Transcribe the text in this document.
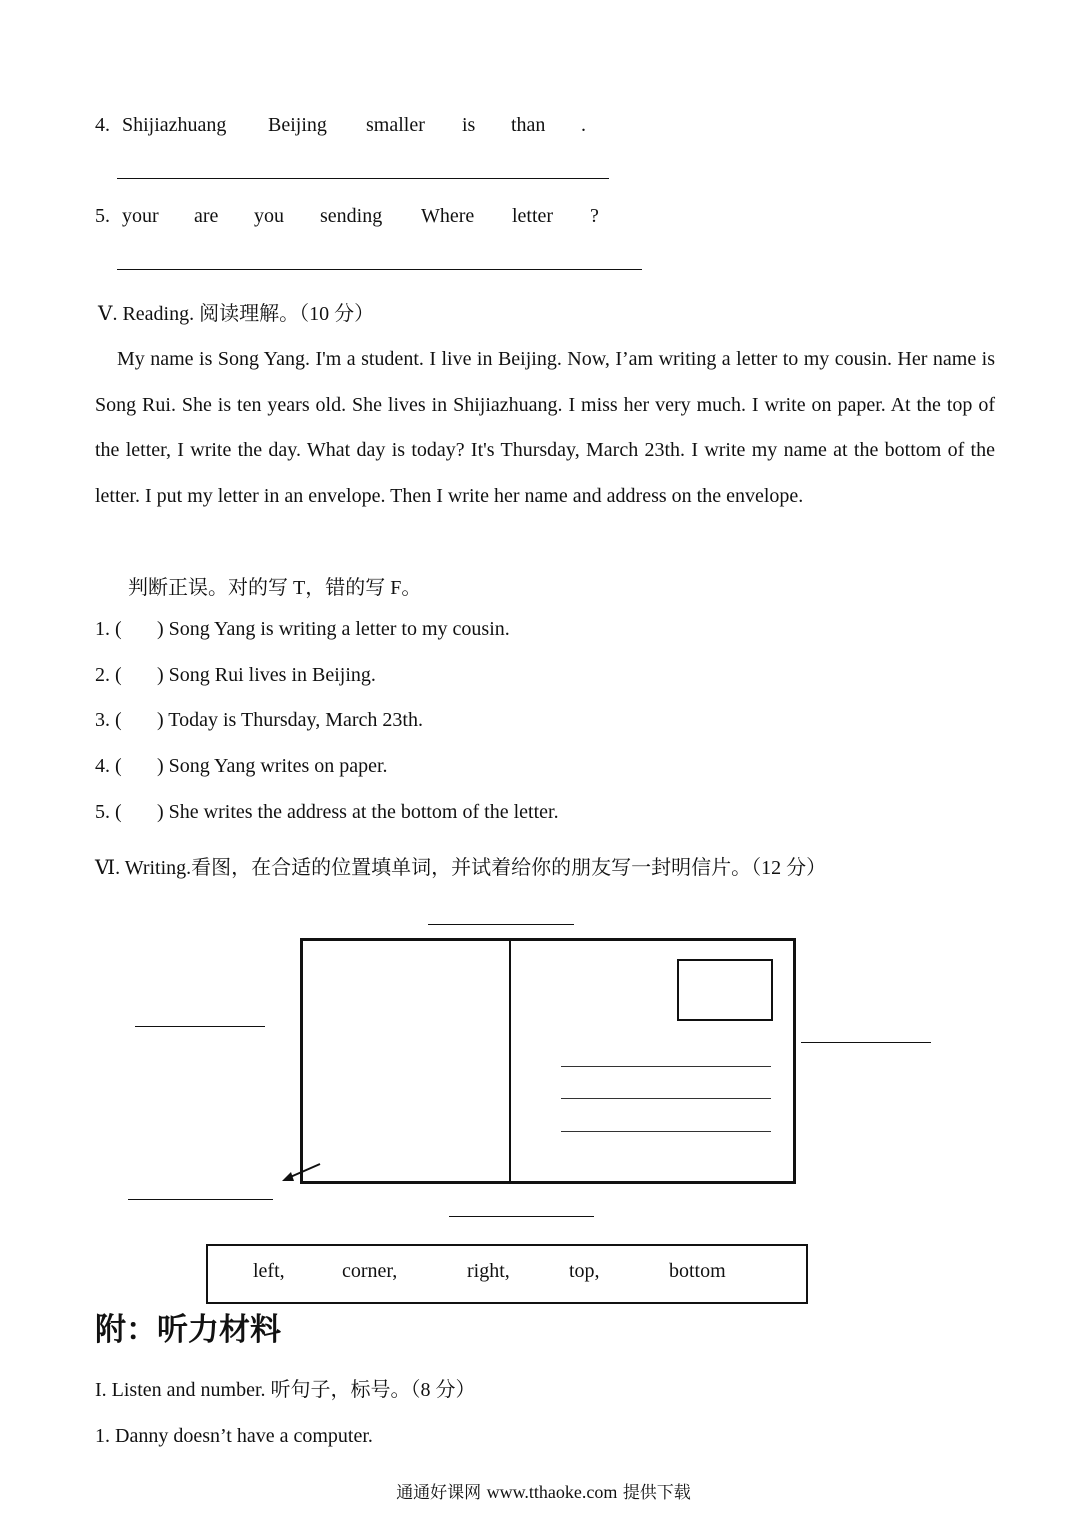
4. Shijiazhuang Beijing smaller is than .
5. your are you sending Where letter ?
Ⅴ. Reading. 阅读理解。（10 分）

My name is Song Yang. I'm a student. I live in Beijing. Now, I’am writing a letter to my cousin. Her name is Song Rui. She is ten years old. She lives in Shijiazhuang. I miss her very much. I write on paper. At the top of the letter, I write the day. What day is today? It's Thursday, March 23th. I write my name at the bottom of the letter. I put my letter in an envelope. Then I write her name and address on the envelope.

判断正误。对的写 T，错的写 F。
1. ( ) Song Yang is writing a letter to my cousin.
2. ( ) Song Rui lives in Beijing.
3. ( ) Today is Thursday, March 23th.
4. ( ) Song Yang writes on paper.
5. ( ) She writes the address at the bottom of the letter.
Ⅵ. Writing.看图，在合适的位置填单词，并试着给你的朋友写一封明信片。（12 分）
left,	corner,	right,	top,	bottom
附：听力材料
I. Listen and number. 听句子，标号。（8 分）
1. Danny doesn’t have a computer.
通通好课网 www.tthaoke.com 提供下载
